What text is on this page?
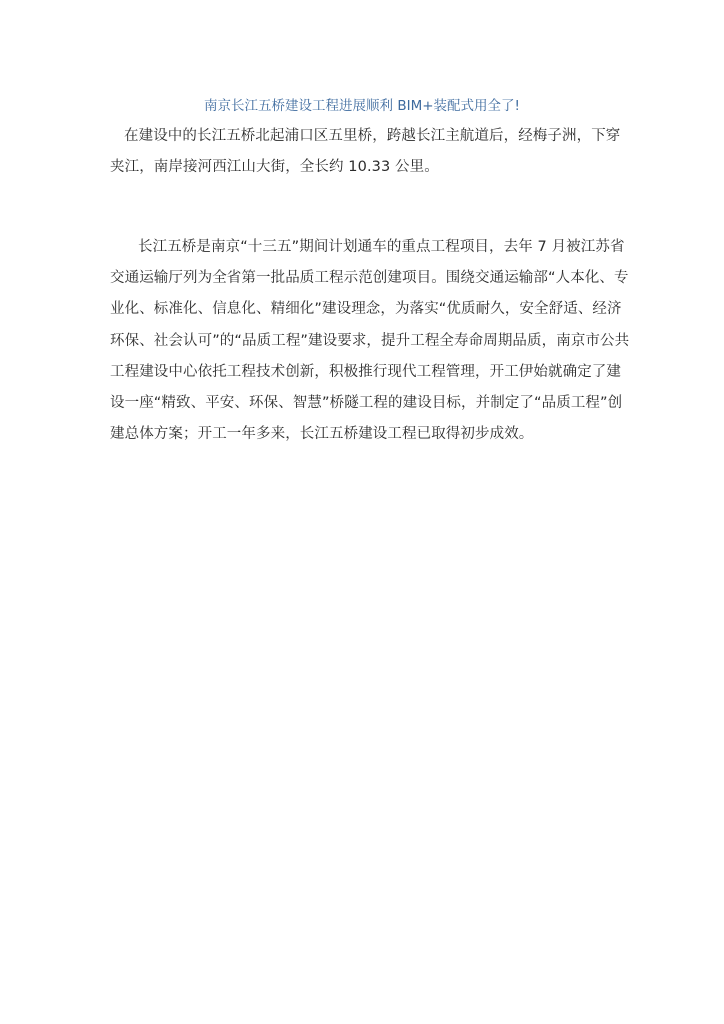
南京长江五桥建设工程进展顺利 BIM+装配式用全了!

在建设中的长江五桥北起浦口区五里桥，跨越长江主航道后，经梅子洲，下穿夹江，南岸接河西江山大街，全长约 10.33 公里。

长江五桥是南京“十三五”期间计划通车的重点工程项目，去年 7 月被江苏省交通运输厅列为全省第一批品质工程示范创建项目。围绕交通运输部“人本化、专业化、标准化、信息化、精细化”建设理念，为落实“优质耐久，安全舒适、经济环保、社会认可”的“品质工程”建设要求，提升工程全寿命周期品质，南京市公共工程建设中心依托工程技术创新，积极推行现代工程管理，开工伊始就确定了建设一座“精致、平安、环保、智慧”桥隧工程的建设目标，并制定了“品质工程”创建总体方案；开工一年多来，长江五桥建设工程已取得初步成效。
